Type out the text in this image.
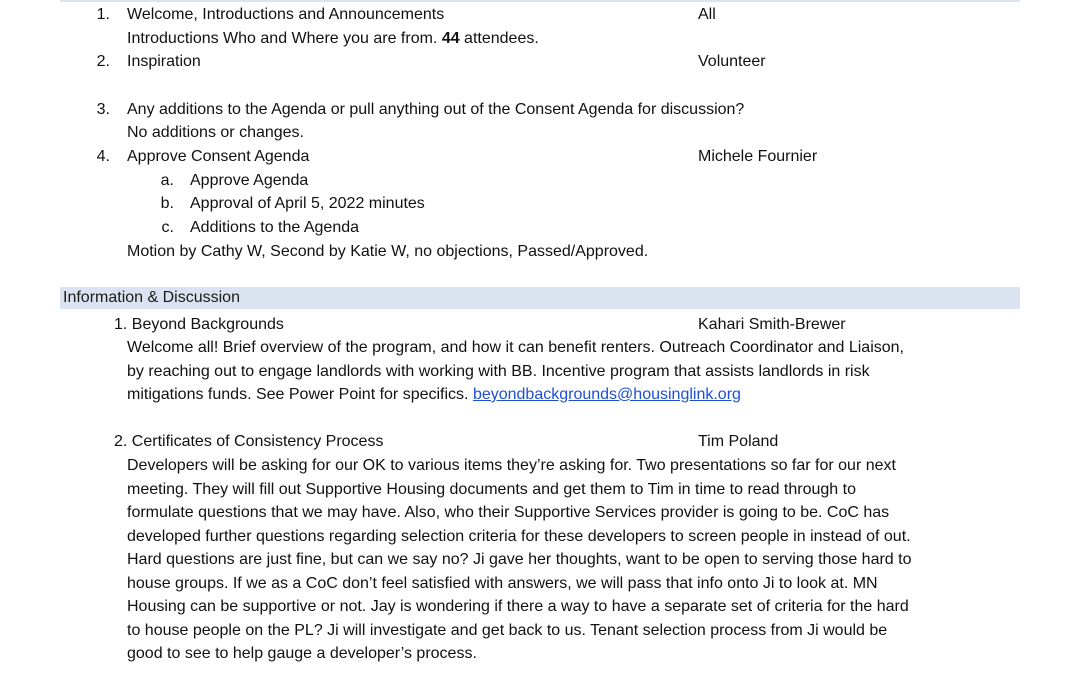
1. Welcome, Introductions and Announcements	All
Introductions Who and Where you are from. 44 attendees.
2. Inspiration	Volunteer
3. Any additions to the Agenda or pull anything out of the Consent Agenda for discussion?
No additions or changes.
4. Approve Consent Agenda	Michele Fournier
a. Approve Agenda
b. Approval of April 5, 2022 minutes
c. Additions to the Agenda
Motion by Cathy W, Second by Katie W, no objections, Passed/Approved.
Information & Discussion
1. Beyond Backgrounds	Kahari Smith-Brewer
Welcome all! Brief overview of the program, and how it can benefit renters. Outreach Coordinator and Liaison,
by reaching out to engage landlords with working with BB. Incentive program that assists landlords in risk
mitigations funds. See Power Point for specifics. beyondbackgrounds@housinglink.org
2. Certificates of Consistency Process	Tim Poland
Developers will be asking for our OK to various items they’re asking for. Two presentations so far for our next
meeting. They will fill out Supportive Housing documents and get them to Tim in time to read through to
formulate questions that we may have. Also, who their Supportive Services provider is going to be. CoC has
developed further questions regarding selection criteria for these developers to screen people in instead of out.
Hard questions are just fine, but can we say no? Ji gave her thoughts, want to be open to serving those hard to
house groups. If we as a CoC don’t feel satisfied with answers, we will pass that info onto Ji to look at. MN
Housing can be supportive or not. Jay is wondering if there a way to have a separate set of criteria for the hard
to house people on the PL? Ji will investigate and get back to us. Tenant selection process from Ji would be
good to see to help gauge a developer’s process.
